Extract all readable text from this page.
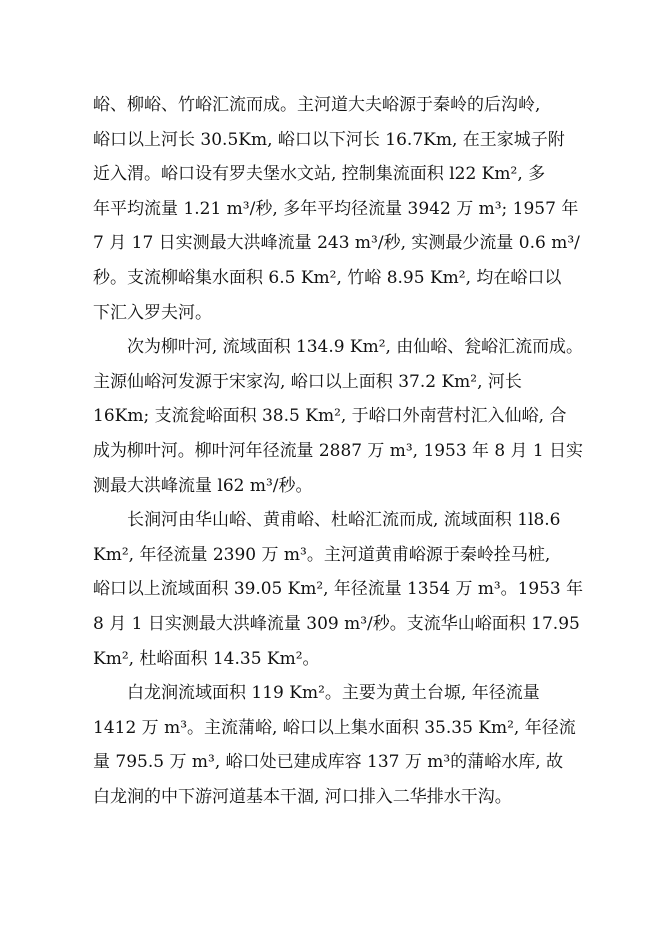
峪、柳峪、竹峪汇流而成。主河道大夫峪源于秦岭的后沟岭,
峪口以上河长 30.5Km, 峪口以下河长 16.7Km, 在王家城子附
近入渭。峪口设有罗夫堡水文站, 控制集流面积 l22 Km², 多
年平均流量 1.21 m³/秒, 多年平均径流量 3942 万 m³; 1957 年
7 月 17 日实测最大洪峰流量 243 m³/秒, 实测最少流量 0.6 m³/
秒。支流柳峪集水面积 6.5 Km², 竹峪 8.95 Km², 均在峪口以
下汇入罗夫河。
次为柳叶河, 流域面积 134.9 Km², 由仙峪、瓮峪汇流而成。
主源仙峪河发源于宋家沟, 峪口以上面积 37.2 Km², 河长
16Km; 支流瓮峪面积 38.5 Km², 于峪口外南营村汇入仙峪, 合
成为柳叶河。柳叶河年径流量 2887 万 m³, 1953 年 8 月 1 日实
测最大洪峰流量 l62 m³/秒。
长涧河由华山峪、黄甫峪、杜峪汇流而成, 流域面积 1l8.6
Km², 年径流量 2390 万 m³。主河道黄甫峪源于秦岭拴马桩,
峪口以上流域面积 39.05 Km², 年径流量 1354 万 m³。1953 年
8 月 1 日实测最大洪峰流量 309 m³/秒。支流华山峪面积 17.95
Km², 杜峪面积 14.35 Km²。
白龙涧流域面积 119 Km²。主要为黄土台塬, 年径流量
1412 万 m³。主流蒲峪, 峪口以上集水面积 35.35 Km², 年径流
量 795.5 万 m³, 峪口处已建成库容 137 万 m³的蒲峪水库, 故
白龙涧的中下游河道基本干涸, 河口排入二华排水干沟。
